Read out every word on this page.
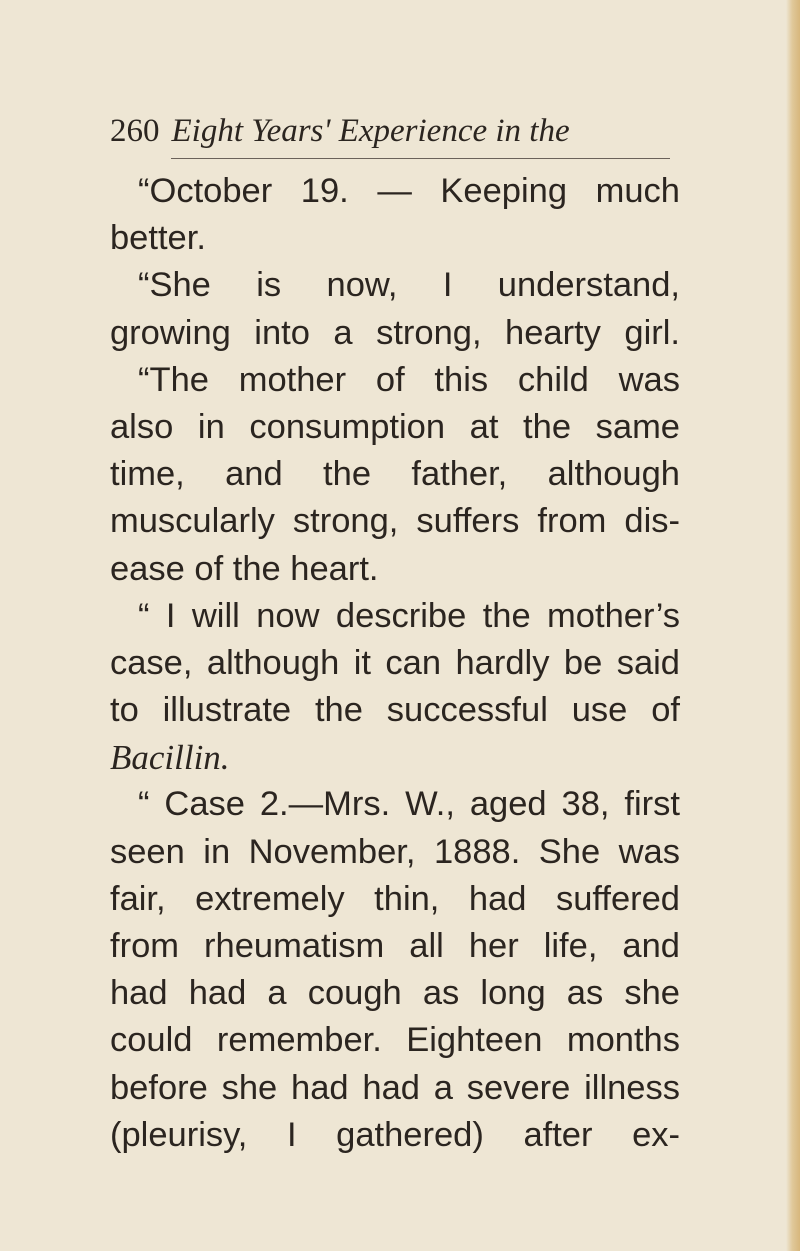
260 Eight Years' Experience in the
“October 19. — Keeping much
better.
“She is now, I understand,
growing into a strong, hearty girl.
“The mother of this child was
also in consumption at the same
time, and the father, although
muscularly strong, suffers from dis-
ease of the heart.
“ I will now describe the mother’s
case, although it can hardly be said
to illustrate the successful use of
Bacillin.
“ Case 2.—Mrs. W., aged 38, first
seen in November, 1888. She was
fair, extremely thin, had suffered
from rheumatism all her life, and
had had a cough as long as she
could remember. Eighteen months
before she had had a severe illness
(pleurisy, I gathered) after ex-
